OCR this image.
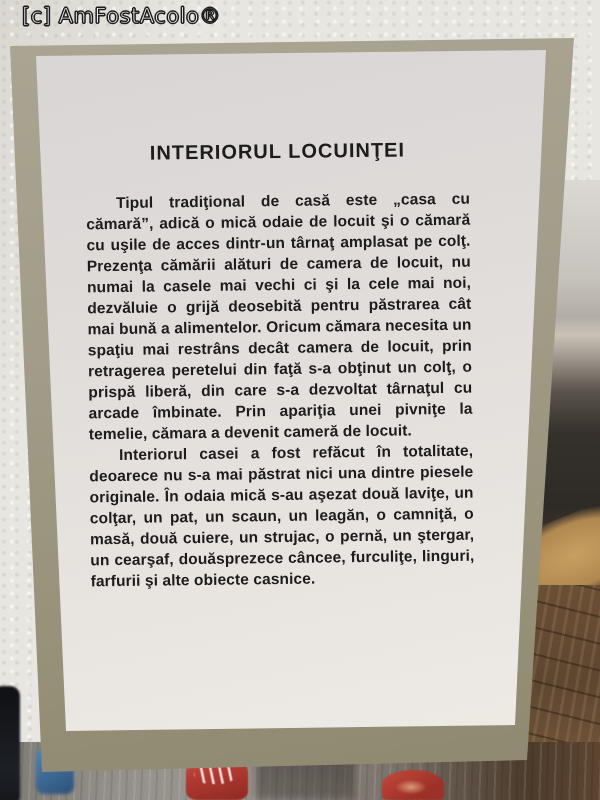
INTERIORUL LOCUINŢEI

Tipul tradiţional de casă este „casa cu cămară”, adică o mică odaie de locuit şi o cămară cu uşile de acces dintr-un târnaţ amplasat pe colţ. Prezenţa cămării alături de camera de locuit, nu numai la casele mai vechi ci şi la cele mai noi, dezvăluie o grijă deosebită pentru păstrarea cât mai bună a alimentelor. Oricum cămara necesita un spaţiu mai restrâns decât camera de locuit, prin retragerea peretelui din faţă s-a obţinut un colţ, o prispă liberă, din care s-a dezvoltat târnaţul cu arcade îmbinate. Prin apariţia unei pivniţe la temelie, cămara a devenit cameră de locuit.

Interiorul casei a fost refăcut în totalitate, deoarece nu s-a mai păstrat nici una dintre piesele originale. În odaia mică s-au aşezat două laviţe, un colţar, un pat, un scaun, un leagăn, o camniţă, o masă, două cuiere, un strujac, o pernă, un ştergar, un cearşaf, douăsprezece câncee, furculiţe, linguri, farfurii şi alte obiecte casnice.

[c] AmFostAcolo®
